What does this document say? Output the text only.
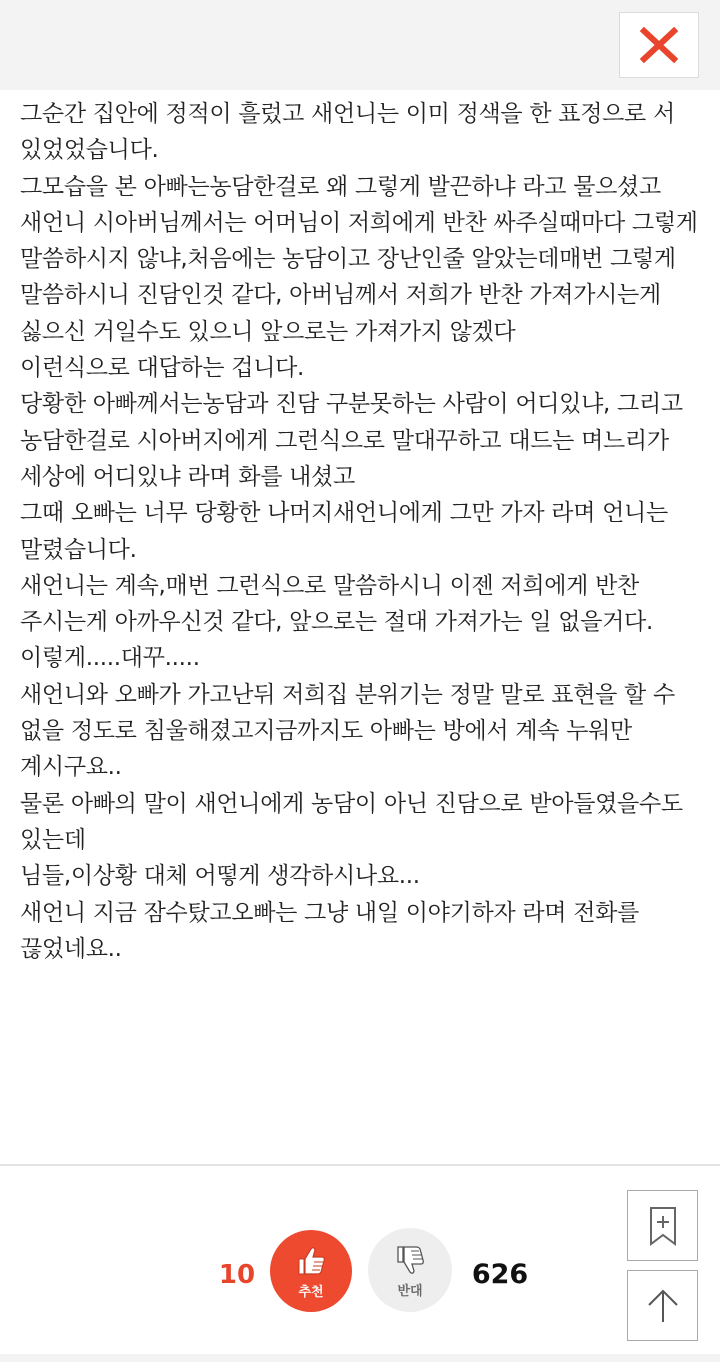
그순간 집안에 정적이 흘렀고 새언니는 이미 정색을 한 표정으로 서 있었었습니다.

그모습을 본 아빠는농담한걸로 왜 그렇게 발끈하냐 라고 물으셨고

새언니 시아버님께서는 어머님이 저희에게 반찬 싸주실때마다 그렇게 말씀하시지 않냐,처음에는 농담이고 장난인줄 알았는데매번 그렇게 말씀하시니 진담인것 같다, 아버님께서 저희가 반찬 가져가시는게 싫으신 거일수도 있으니 앞으로는 가져가지 않겠다

이런식으로 대답하는 겁니다.

당황한 아빠께서는농담과 진담 구분못하는 사람이 어디있냐, 그리고 농담한걸로 시아버지에게 그런식으로 말대꾸하고 대드는 며느리가 세상에 어디있냐 라며 화를 내셨고

그때 오빠는 너무 당황한 나머지새언니에게 그만 가자 라며 언니는 말렸습니다.

새언니는 계속,매번 그런식으로 말씀하시니 이젠 저희에게 반찬 주시는게 아까우신것 같다, 앞으로는 절대 가져가는 일 없을거다. 이렇게.....대꾸.....

새언니와 오빠가 가고난뒤 저희집 분위기는 정말 말로 표현을 할 수 없을 정도로 침울해졌고지금까지도 아빠는 방에서 계속 누워만 계시구요..

물론 아빠의 말이 새언니에게 농담이 아닌 진담으로 받아들였을수도 있는데

님들,이상황 대체 어떻게 생각하시나요...

새언니 지금 잠수탔고오빠는 그냥 내일 이야기하자 라며 전화를 끊었네요..

10
추천	반대
626
